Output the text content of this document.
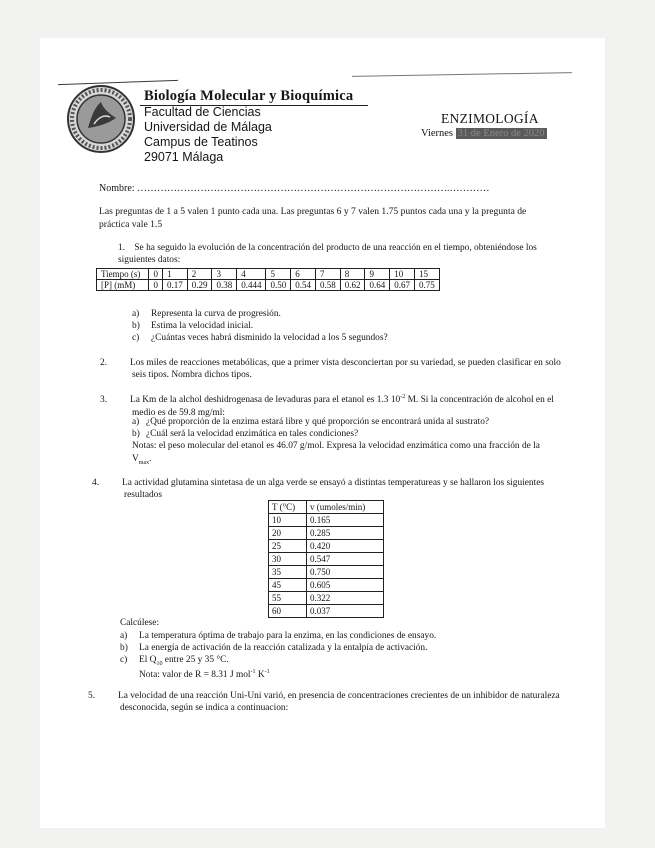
Biología Molecular y Bioquímica
Facultad de Ciencias
Universidad de Málaga
Campus de Teatinos
29071 Málaga
ENZIMOLOGÍA
Viernes 31 de Enero de 2020
Nombre: ………………………………………………………………………………….…………
Las preguntas de 1 a 5 valen 1 punto cada una. Las preguntas 6 y 7 valen 1.75 puntos cada una y la pregunta de práctica vale 1.5
1. Se ha seguido la evolución de la concentración del producto de una reacción en el tiempo, obteniéndose los siguientes datos:
Tiempo (s)	0	1	2	3	4	5	6	7	8	9	10	15
[P] (mM)	0	0.17	0.29	0.38	0.444	0.50	0.54	0.58	0.62	0.64	0.67	0.75
a) Representa la curva de progresión.
b) Estima la velocidad inicial.
c) ¿Cuántas veces habrá disminido la velocidad a los 5 segundos?
2. Los miles de reacciones metabólicas, que a primer vista desconciertan por su variedad, se pueden clasificar en solo seis tipos. Nombra dichos tipos.
3. La Km de la alchol deshidrogenasa de levaduras para el etanol es 1.3 $10^{-2}$ M. Si la concentración de alcohol en el medio es de 59.8 mg/ml:
a) ¿Qué proporción de la enzima estará libre y qué proporción se encontrará unida al sustrato?
b) ¿Cuál será la velocidad enzimática en tales condiciones?
Notas: el peso molecular del etanol es 46.07 g/mol. Expresa la velocidad enzimática como una fracción de la $V_{max}$.
4. La actividad glutamina sintetasa de un alga verde se ensayó a distintas temperatureas y se hallaron los siguientes resultados
T (°C)	v (umoles/min)
10	0.165
20	0.285
25	0.420
30	0.547
35	0.750
45	0.605
55	0.322
60	0.037
Calcúlese:
a) La temperatura óptima de trabajo para la enzima, en las condiciones de ensayo.
b) La energía de activación de la reacción catalizada y la entalpía de activación.
c) El $Q_{10}$ entre 25 y 35 °C.
Nota: valor de R = 8.31 J mol$^{-1}$ $K^{-1}$
5. La velocidad de una reacción Uni-Uni varió, en presencia de concentraciones crecientes de un inhibidor de naturaleza desconocida, según se indica a continuacion:
